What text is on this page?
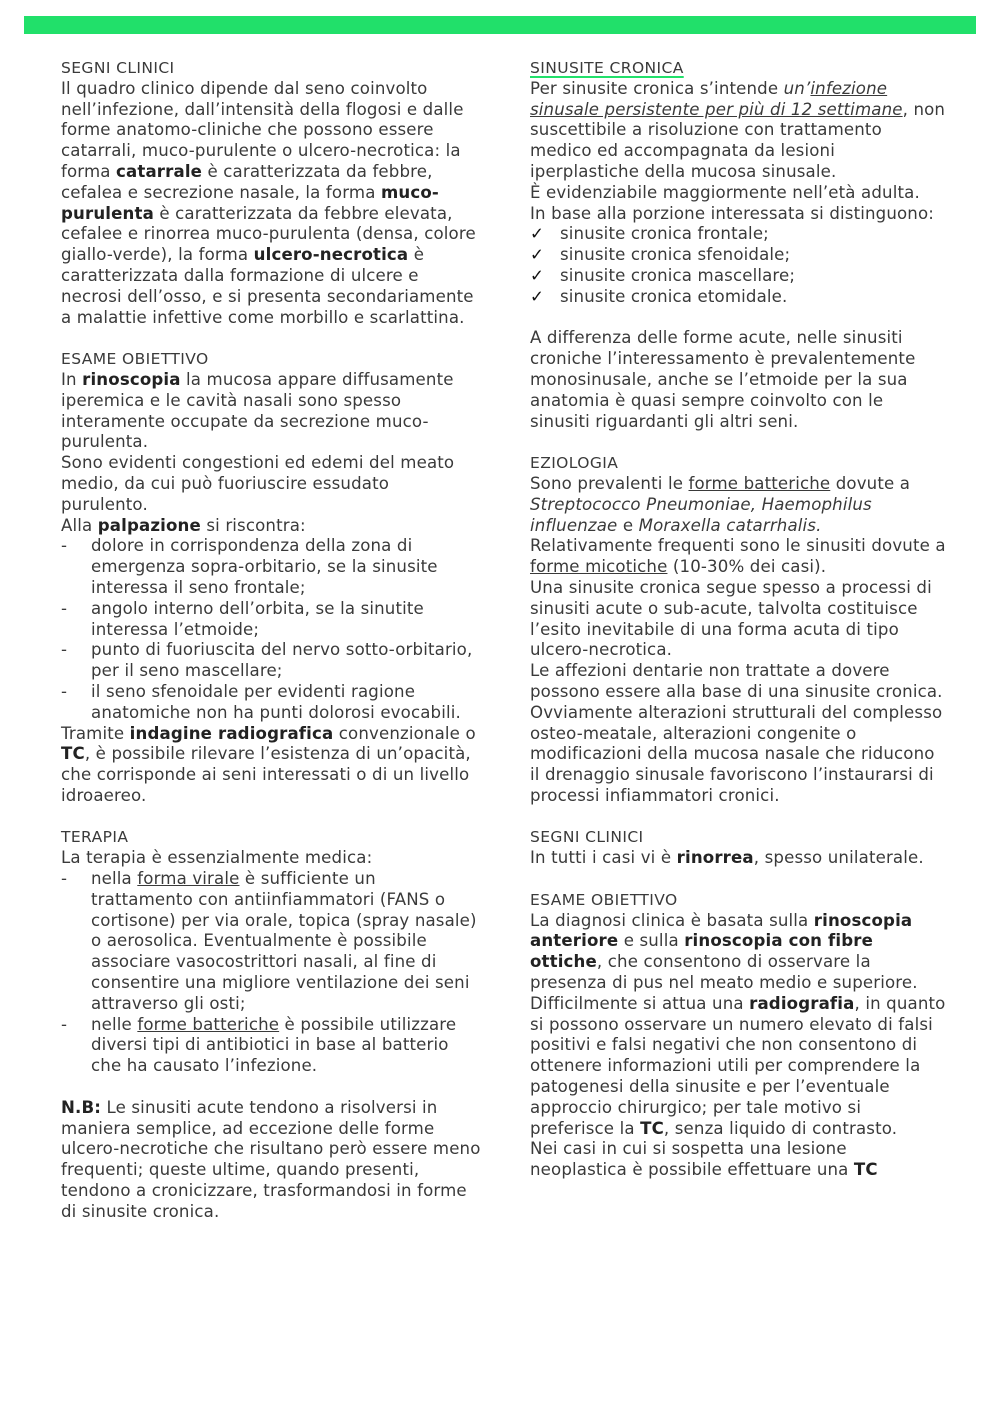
SEGNI CLINICI

Il quadro clinico dipende dal seno coinvolto nell’infezione, dall’intensità della flogosi e dalle forme anatomo-cliniche che possono essere catarrali, muco-purulente o ulcero-necrotica: la forma catarrale è caratterizzata da febbre, cefalea e secrezione nasale, la forma muco-purulenta è caratterizzata da febbre elevata, cefalee e rinorrea muco-purulenta (densa, colore giallo-verde), la forma ulcero-necrotica è caratterizzata dalla formazione di ulcere e necrosi dell’osso, e si presenta secondariamente a malattie infettive come morbillo e scarlattina.

ESAME OBIETTIVO

In rinoscopia la mucosa appare diffusamente iperemica e le cavità nasali sono spesso interamente occupate da secrezione muco-purulenta.

Sono evidenti congestioni ed edemi del meato medio, da cui può fuoriuscire essudato purulento.

Alla palpazione si riscontra:

- dolore in corrispondenza della zona di emergenza sopra-orbitario, se la sinusite interessa il seno frontale;
- angolo interno dell’orbita, se la sinutite interessa l’etmoide;
- punto di fuoriuscita del nervo sotto-orbitario, per il seno mascellare;
- il seno sfenoidale per evidenti ragione anatomiche non ha punti dolorosi evocabili.

Tramite indagine radiografica convenzionale o TC, è possibile rilevare l’esistenza di un’opacità, che corrisponde ai seni interessati o di un livello idroaereo.

TERAPIA

La terapia è essenzialmente medica:

- nella forma virale è sufficiente un trattamento con antiinfiammatori (FANS o cortisone) per via orale, topica (spray nasale) o aerosolica. Eventualmente è possibile associare vasocostrittori nasali, al fine di consentire una migliore ventilazione dei seni attraverso gli osti;
- nelle forme batteriche è possibile utilizzare diversi tipi di antibiotici in base al batterio che ha causato l’infezione.

N.B: Le sinusiti acute tendono a risolversi in maniera semplice, ad eccezione delle forme ulcero-necrotiche che risultano però essere meno frequenti; queste ultime, quando presenti, tendono a cronicizzare, trasformandosi in forme di sinusite cronica.

SINUSITE CRONICA

Per sinusite cronica s’intende un’infezione sinusale persistente per più di 12 settimane, non suscettibile a risoluzione con trattamento medico ed accompagnata da lesioni iperplastiche della mucosa sinusale.

È evidenziabile maggiormente nell’età adulta.

In base alla porzione interessata si distinguono:

✓ sinusite cronica frontale;
✓ sinusite cronica sfenoidale;
✓ sinusite cronica mascellare;
✓ sinusite cronica etomidale.

A differenza delle forme acute, nelle sinusiti croniche l’interessamento è prevalentemente monosinusale, anche se l’etmoide per la sua anatomia è quasi sempre coinvolto con le sinusiti riguardanti gli altri seni.

EZIOLOGIA

Sono prevalenti le forme batteriche dovute a Streptococco Pneumoniae, Haemophilus influenzae e Moraxella catarrhalis.

Relativamente frequenti sono le sinusiti dovute a forme micotiche (10-30% dei casi).

Una sinusite cronica segue spesso a processi di sinusiti acute o sub-acute, talvolta costituisce l’esito inevitabile di una forma acuta di tipo ulcero-necrotica.

Le affezioni dentarie non trattate a dovere possono essere alla base di una sinusite cronica.

Ovviamente alterazioni strutturali del complesso osteo-meatale, alterazioni congenite o modificazioni della mucosa nasale che riducono il drenaggio sinusale favoriscono l’instaurarsi di processi infiammatori cronici.

SEGNI CLINICI

In tutti i casi vi è rinorrea, spesso unilaterale.

ESAME OBIETTIVO

La diagnosi clinica è basata sulla rinoscopia anteriore e sulla rinoscopia con fibre ottiche, che consentono di osservare la presenza di pus nel meato medio e superiore.

Difficilmente si attua una radiografia, in quanto si possono osservare un numero elevato di falsi positivi e falsi negativi che non consentono di ottenere informazioni utili per comprendere la patogenesi della sinusite e per l’eventuale approccio chirurgico; per tale motivo si preferisce la TC, senza liquido di contrasto.

Nei casi in cui si sospetta una lesione neoplastica è possibile effettuare una TC
